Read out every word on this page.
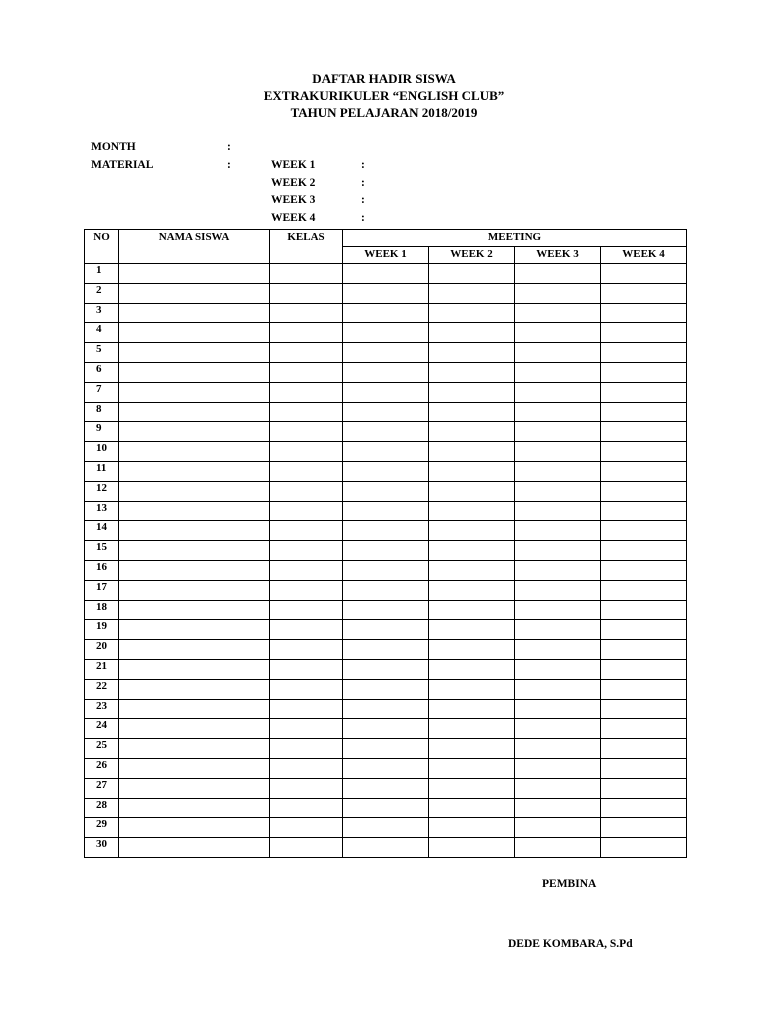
DAFTAR HADIR SISWA
EXTRAKURIKULER “ENGLISH CLUB”
TAHUN PELAJARAN 2018/2019
MONTH	:
MATERIAL	:	WEEK 1	:
WEEK 2	:
WEEK 3	:
WEEK 4	:
NO	NAMA SISWA	KELAS	MEETING			
			WEEK 1	WEEK 2	WEEK 3	WEEK 4
1						
2						
3						
4						
5						
6						
7						
8						
9						
10						
11						
12						
13						
14						
15						
16						
17						
18						
19						
20						
21						
22						
23						
24						
25						
26						
27						
28						
29						
30						
PEMBINA
DEDE KOMBARA, S.Pd
